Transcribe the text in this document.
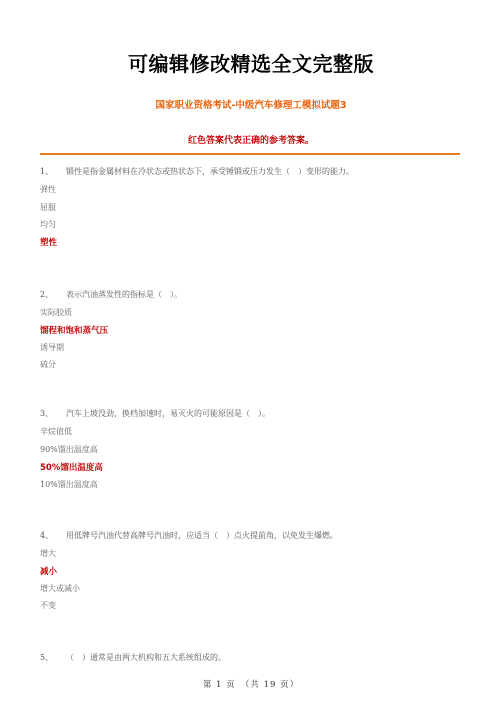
可编辑修改精选全文完整版
国家职业资格考试-中级汽车修理工模拟试题3
红色答案代表正确的参考答案。
1、 锻性是指金属材料在冷状态或热状态下，承受锤锻或压力发生（　）变形的能力。
弹性
屈服
均匀
塑性
2、 表示汽油蒸发性的指标是（　）。
实际胶质
馏程和饱和蒸气压
诱导期
硫分
3、 汽车上坡没劲，换档加速时，易灭火的可能原因是（　）。
辛烷值低
90%馏出温度高
50%馏出温度高
10%馏出温度高
4、 用低牌号汽油代替高牌号汽油时，应适当（　）点火提前角，以免发生爆燃。
增大
减小
增大或减小
不变
5、 （　）通常是由两大机构和五大系统组成的。
第 1 页　（共 19 页）
